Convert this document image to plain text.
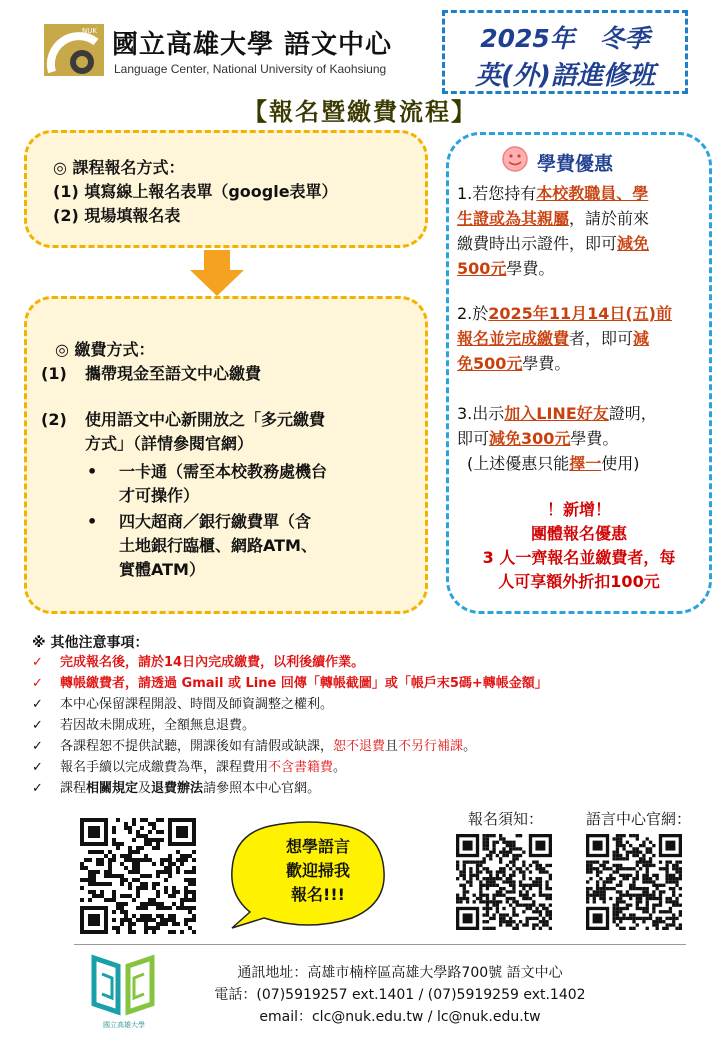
NUK 國立高雄大學 語文中心
Language Center, National University of Kaohsiung
2025年　冬季
英(外)語進修班
【報名暨繳費流程】
◎ 課程報名方式：
(1) 填寫線上報名表單（google表單）
(2) 現場填報名表
◎ 繳費方式：
(1) 攜帶現金至語文中心繳費
(2) 使用語文中心新開放之「多元繳費
方式」（詳情參閱官網）
• 一卡通（需至本校教務處機台
才可操作）
• 四大超商／銀行繳費單（含
土地銀行臨櫃、網路ATM、
實體ATM）
學費優惠
1.若您持有本校教職員、學
生證或為其親屬，請於前來
繳費時出示證件，即可減免
500元學費。
2.於2025年11月14日(五)前
報名並完成繳費者，即可減
免500元學費。
3.出示加入LINE好友證明，
即可減免300元學費。
(上述優惠只能擇一使用)
！新增！
團體報名優惠
3 人一齊報名並繳費者，每
人可享額外折扣100元
※ 其他注意事項：
✓ 完成報名後，請於14日內完成繳費，以利後續作業。
✓ 轉帳繳費者，請透過 Gmail 或 Line 回傳「轉帳截圖」或「帳戶末5碼+轉帳金額」
✓ 本中心保留課程開設、時間及師資調整之權利。
✓ 若因故未開成班，全額無息退費。
✓ 各課程恕不提供試聽，開課後如有請假或缺課，恕不退費且不另行補課。
✓ 報名手續以完成繳費為準，課程費用不含書籍費。
✓ 課程相關規定及退費辦法請參照本中心官網。
報名須知：	語言中心官網：
想學語言
歡迎掃我
報名!!!
國立高雄大學
通訊地址：高雄市楠梓區高雄大學路700號 語文中心
電話：(07)5919257 ext.1401 / (07)5919259 ext.1402
email：clc@nuk.edu.tw / lc@nuk.edu.tw
